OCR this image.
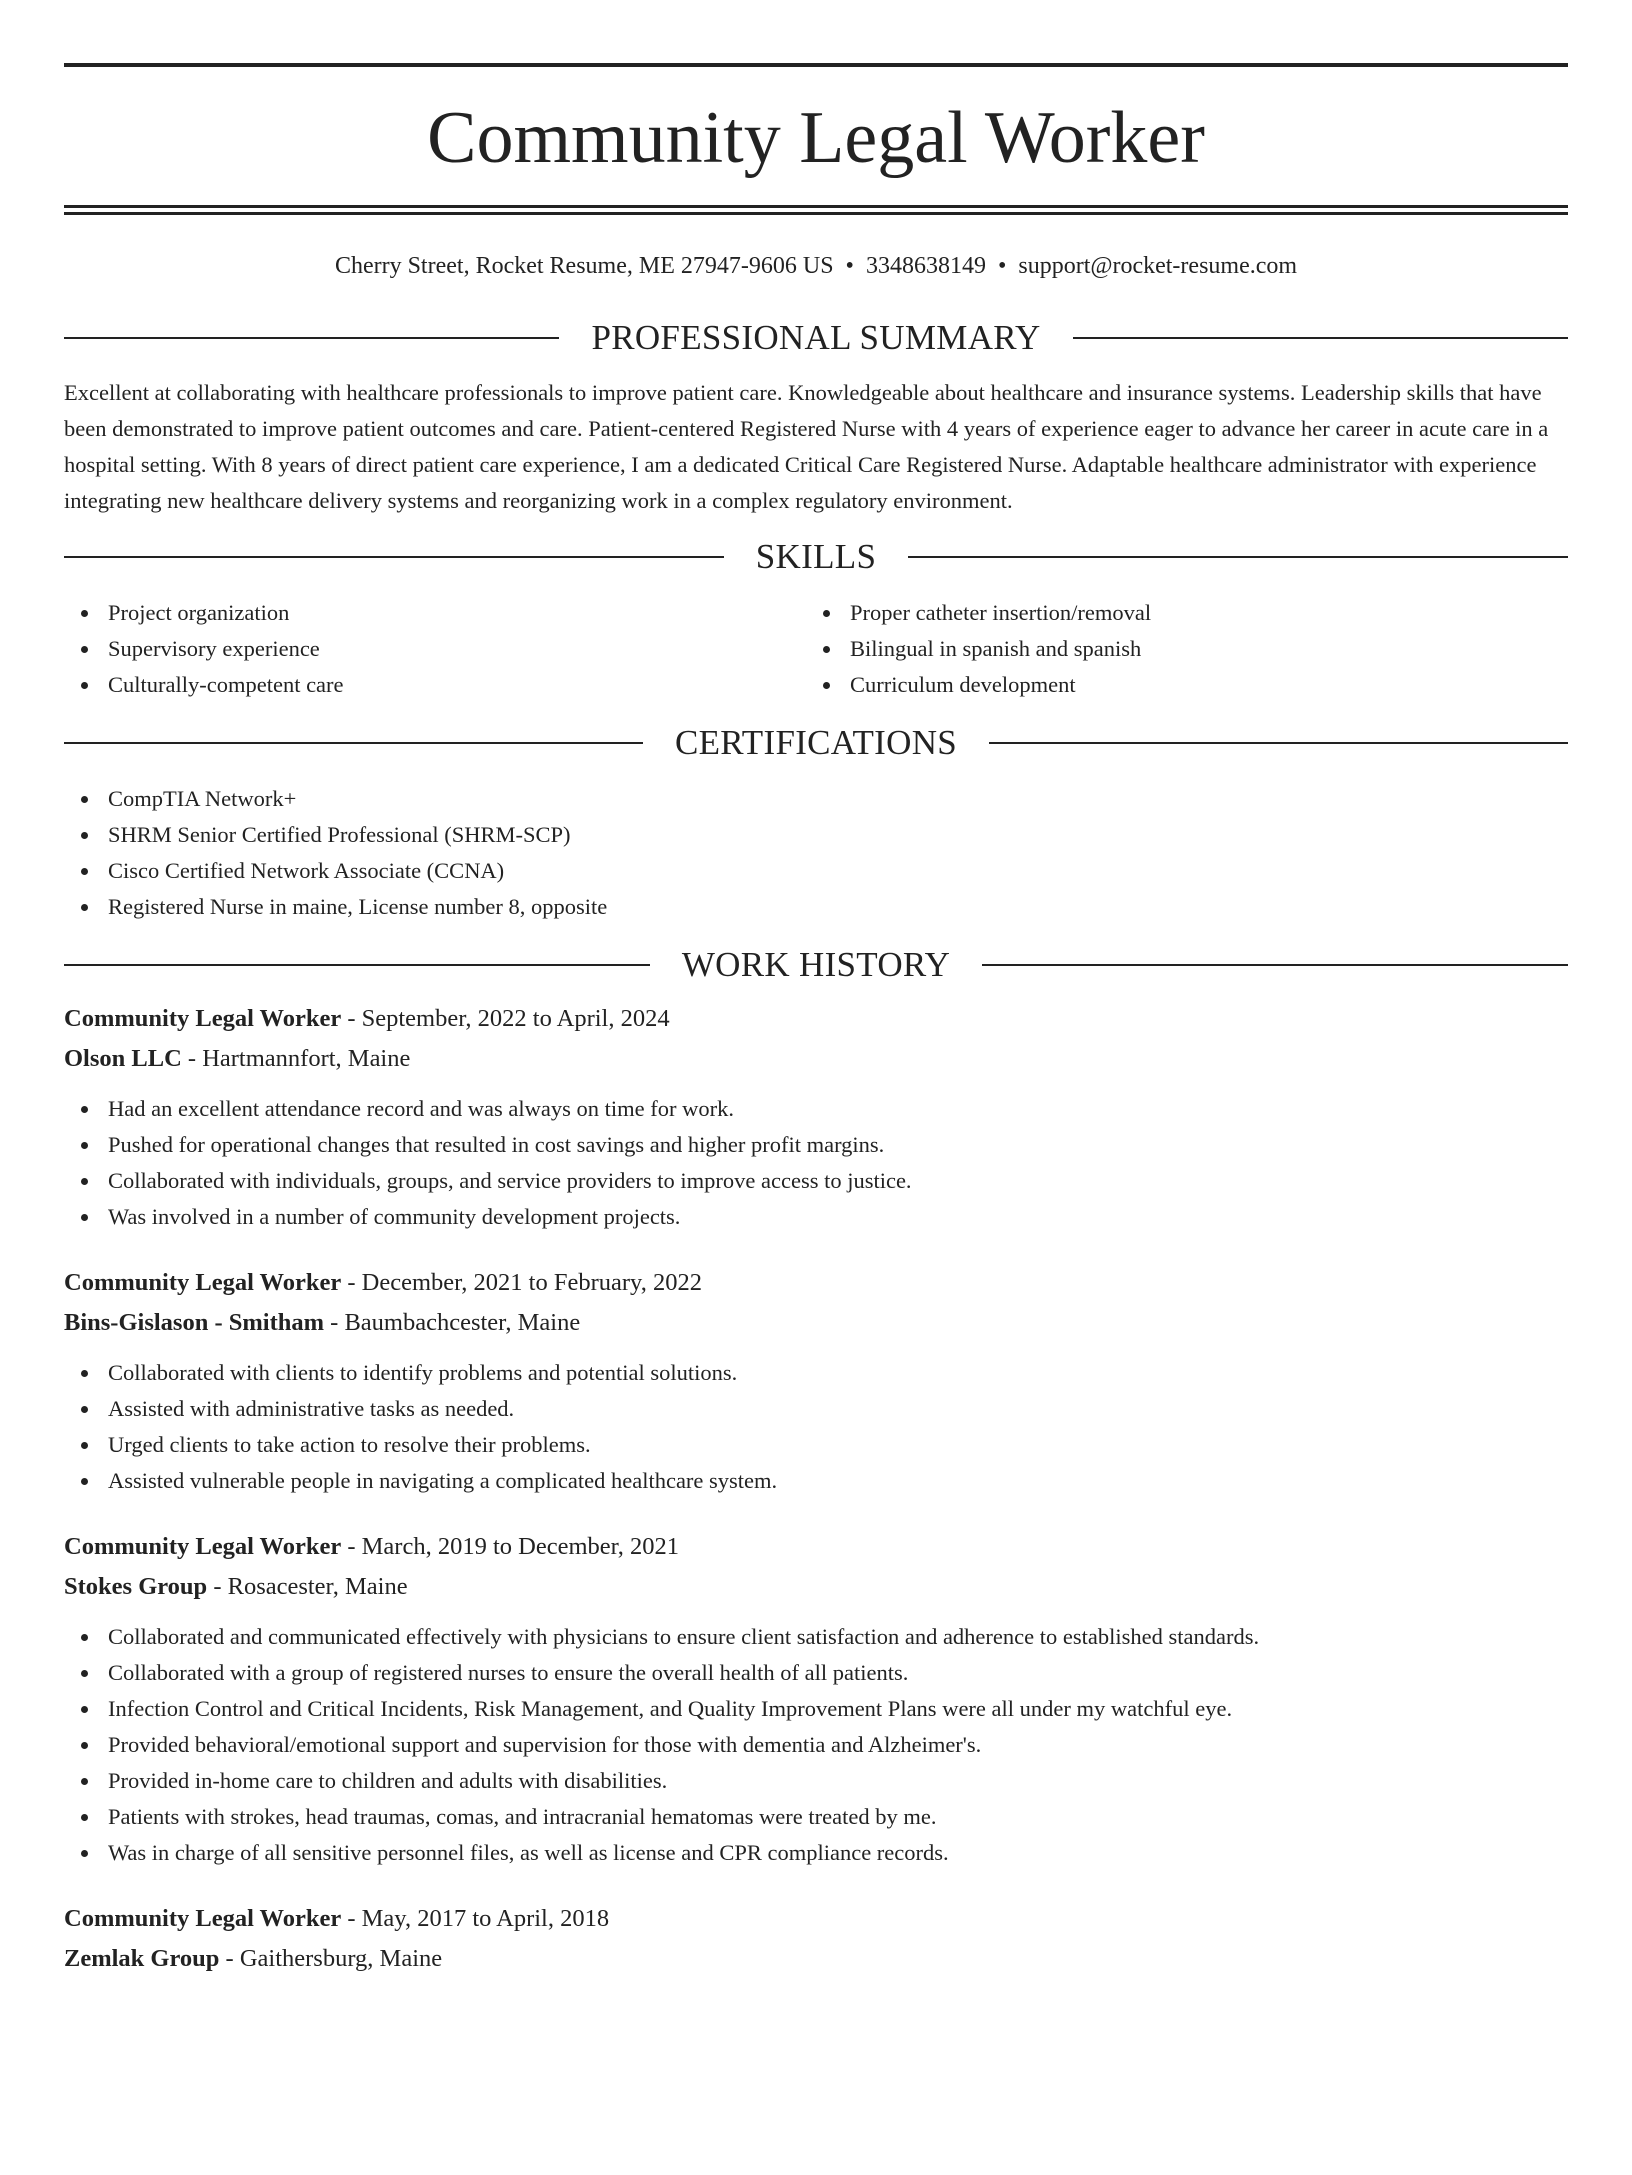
Community Legal Worker
Cherry Street, Rocket Resume, ME 27947-9606 US • 3348638149 • support@rocket-resume.com
PROFESSIONAL SUMMARY

Excellent at collaborating with healthcare professionals to improve patient care. Knowledgeable about healthcare and insurance systems. Leadership skills that have been demonstrated to improve patient outcomes and care. Patient-centered Registered Nurse with 4 years of experience eager to advance her career in acute care in a hospital setting. With 8 years of direct patient care experience, I am a dedicated Critical Care Registered Nurse. Adaptable healthcare administrator with experience integrating new healthcare delivery systems and reorganizing work in a complex regulatory environment.

SKILLS
Project organization
Supervisory experience
Culturally-competent care
Proper catheter insertion/removal
Bilingual in spanish and spanish
Curriculum development
CERTIFICATIONS
CompTIA Network+
SHRM Senior Certified Professional (SHRM-SCP)
Cisco Certified Network Associate (CCNA)
Registered Nurse in maine, License number 8, opposite
WORK HISTORY
Community Legal Worker - September, 2022 to April, 2024
Olson LLC - Hartmannfort, Maine
Had an excellent attendance record and was always on time for work.
Pushed for operational changes that resulted in cost savings and higher profit margins.
Collaborated with individuals, groups, and service providers to improve access to justice.
Was involved in a number of community development projects.
Community Legal Worker - December, 2021 to February, 2022
Bins-Gislason - Smitham - Baumbachcester, Maine
Collaborated with clients to identify problems and potential solutions.
Assisted with administrative tasks as needed.
Urged clients to take action to resolve their problems.
Assisted vulnerable people in navigating a complicated healthcare system.
Community Legal Worker - March, 2019 to December, 2021
Stokes Group - Rosacester, Maine
Collaborated and communicated effectively with physicians to ensure client satisfaction and adherence to established standards.
Collaborated with a group of registered nurses to ensure the overall health of all patients.
Infection Control and Critical Incidents, Risk Management, and Quality Improvement Plans were all under my watchful eye.
Provided behavioral/emotional support and supervision for those with dementia and Alzheimer's.
Provided in-home care to children and adults with disabilities.
Patients with strokes, head traumas, comas, and intracranial hematomas were treated by me.
Was in charge of all sensitive personnel files, as well as license and CPR compliance records.
Community Legal Worker - May, 2017 to April, 2018
Zemlak Group - Gaithersburg, Maine
